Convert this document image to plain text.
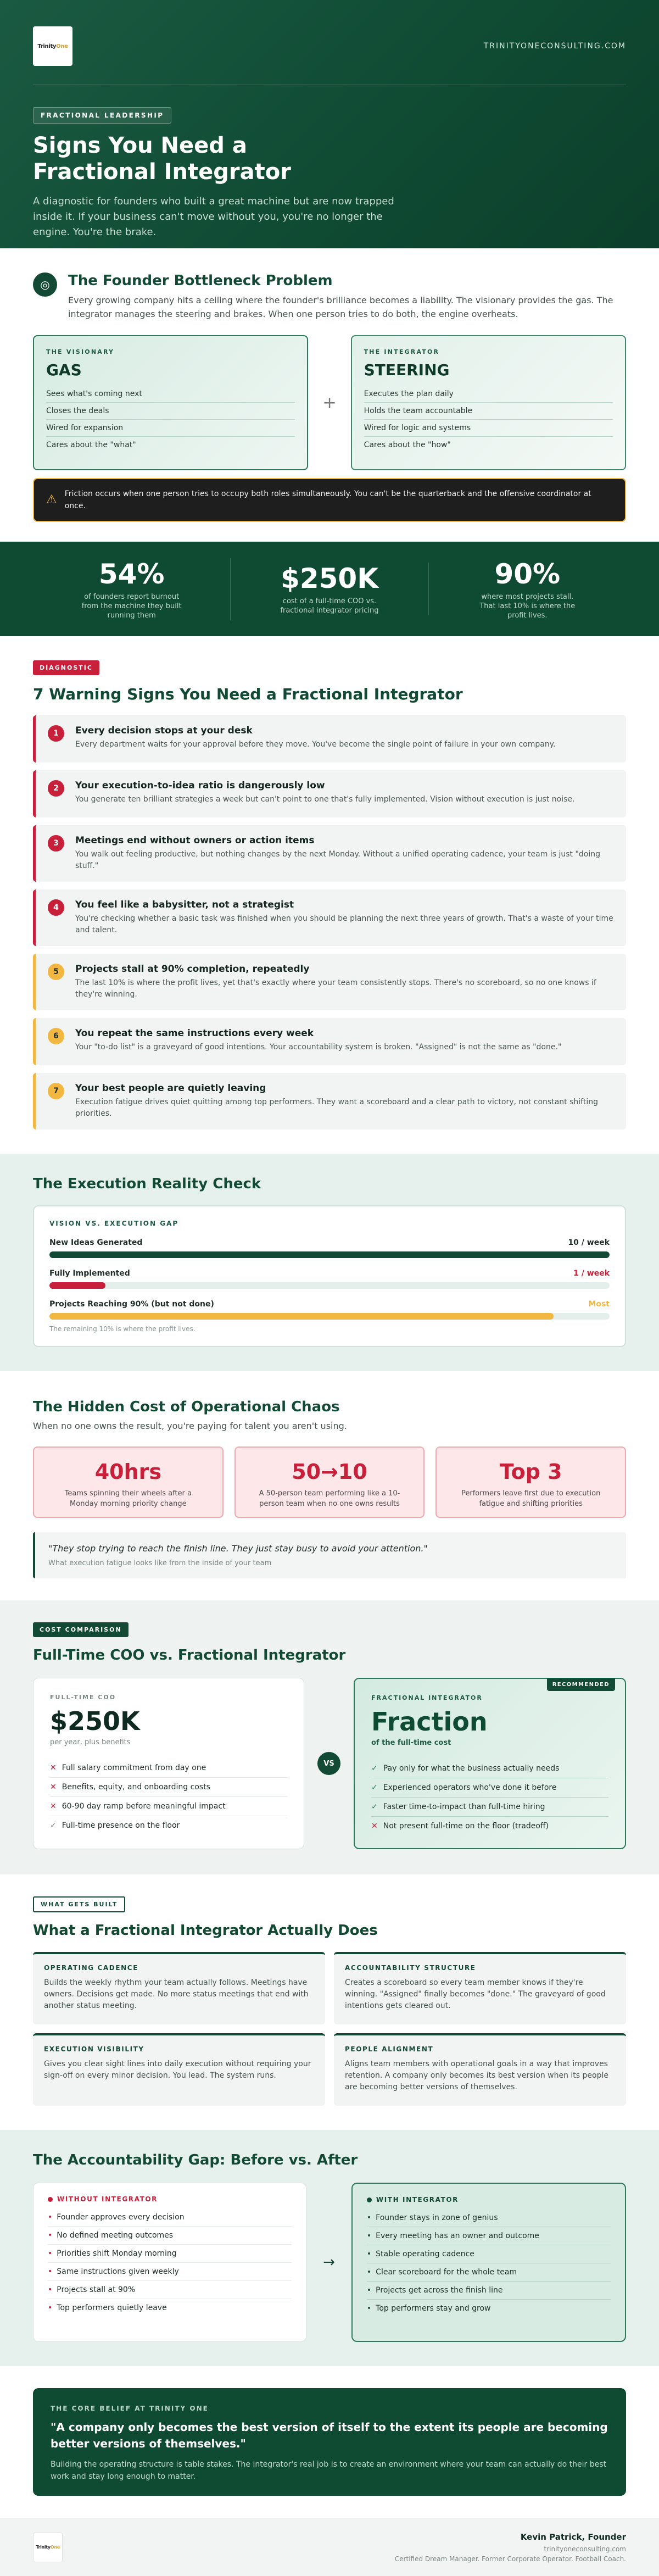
Trinity One	TRINITYONECONSULTING.COM
FRACTIONAL LEADERSHIP
Signs You Need a
Fractional Integrator

A diagnostic for founders who built a great machine but are now trapped inside it. If your business can't move without you, you're no longer the engine. You're the brake.

◎	The Founder Bottleneck Problem

Every growing company hits a ceiling where the founder's brilliance becomes a liability. The visionary provides the gas. The integrator manages the steering and brakes. When one person tries to do both, the engine overheats.

THE VISIONARY
GAS
Sees what's coming next
Closes the deals
Wired for expansion
Cares about the "what"
+
THE INTEGRATOR
STEERING
Executes the plan daily
Holds the team accountable
Wired for logic and systems
Cares about the "how"
⚠ Friction occurs when one person tries to occupy both roles simultaneously. You can't be the quarterback and the offensive coordinator at once.
54%
of founders report burnout from the machine they built running them
$250K
cost of a full-time COO vs. fractional integrator pricing
90%
where most projects stall. That last 10% is where the profit lives.
DIAGNOSTIC
7 Warning Signs You Need a Fractional Integrator
1	Every decision stops at your desk

Every department waits for your approval before they move. You've become the single point of failure in your own company.

2	Your execution-to-idea ratio is dangerously low

You generate ten brilliant strategies a week but can't point to one that's fully implemented. Vision without execution is just noise.

3	Meetings end without owners or action items

You walk out feeling productive, but nothing changes by the next Monday. Without a unified operating cadence, your team is just "doing stuff."

4	You feel like a babysitter, not a strategist

You're checking whether a basic task was finished when you should be planning the next three years of growth. That's a waste of your time and talent.

5	Projects stall at 90% completion, repeatedly

The last 10% is where the profit lives, yet that's exactly where your team consistently stops. There's no scoreboard, so no one knows if they're winning.

6	You repeat the same instructions every week

Your "to-do list" is a graveyard of good intentions. Your accountability system is broken. "Assigned" is not the same as "done."

7	Your best people are quietly leaving

Execution fatigue drives quiet quitting among top performers. They want a scoreboard and a clear path to victory, not constant shifting priorities.

The Execution Reality Check
VISION VS. EXECUTION GAP
New Ideas Generated	10 / week
Fully Implemented	1 / week
Projects Reaching 90% (but not done)	Most
The remaining 10% is where the profit lives.
The Hidden Cost of Operational Chaos
When no one owns the result, you're paying for talent you aren't using.
40hrs
Teams spinning their wheels after a Monday morning priority change
50→10
A 50-person team performing like a 10-person team when no one owns results
Top 3
Performers leave first due to execution fatigue and shifting priorities
"They stop trying to reach the finish line. They just stay busy to avoid your attention."
What execution fatigue looks like from the inside of your team
COST COMPARISON
Full-Time COO vs. Fractional Integrator
FULL-TIME COO
$250K
per year, plus benefits
✕ Full salary commitment from day one
✕ Benefits, equity, and onboarding costs
✕ 60-90 day ramp before meaningful impact
✓ Full-time presence on the floor
VS
RECOMMENDED
FRACTIONAL INTEGRATOR
Fraction
of the full-time cost
✓ Pay only for what the business actually needs
✓ Experienced operators who've done it before
✓ Faster time-to-impact than full-time hiring
✕ Not present full-time on the floor (tradeoff)
WHAT GETS BUILT
What a Fractional Integrator Actually Does
OPERATING CADENCE

Builds the weekly rhythm your team actually follows. Meetings have owners. Decisions get made. No more status meetings that end with another status meeting.

ACCOUNTABILITY STRUCTURE

Creates a scoreboard so every team member knows if they're winning. "Assigned" finally becomes "done." The graveyard of good intentions gets cleared out.

EXECUTION VISIBILITY

Gives you clear sight lines into daily execution without requiring your sign-off on every minor decision. You lead. The system runs.

PEOPLE ALIGNMENT

Aligns team members with operational goals in a way that improves retention. A company only becomes its best version when its people are becoming better versions of themselves.

The Accountability Gap: Before vs. After
WITHOUT INTEGRATOR
• Founder approves every decision
• No defined meeting outcomes
• Priorities shift Monday morning
• Same instructions given weekly
• Projects stall at 90%
• Top performers quietly leave
→
WITH INTEGRATOR
• Founder stays in zone of genius
• Every meeting has an owner and outcome
• Stable operating cadence
• Clear scoreboard for the whole team
• Projects get across the finish line
• Top performers stay and grow
THE CORE BELIEF AT TRINITY ONE
"A company only becomes the best version of itself to the extent its people are becoming better versions of themselves."

Building the operating structure is table stakes. The integrator's real job is to create an environment where your team can actually do their best work and stay long enough to matter.

Trinity One
Kevin Patrick, Founder
trinityoneconsulting.com
Certified Dream Manager. Former Corporate Operator. Football Coach.
